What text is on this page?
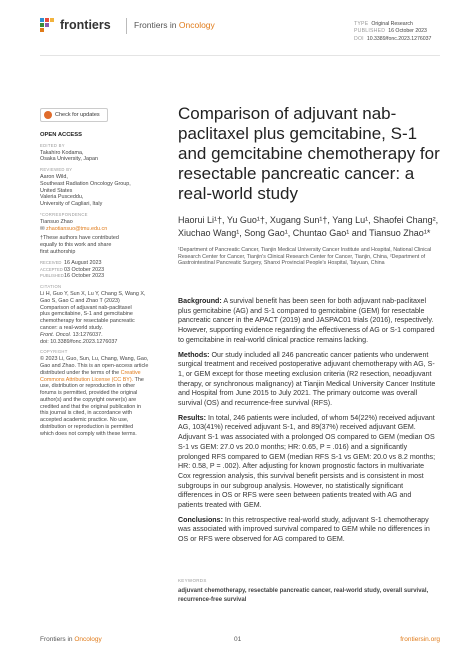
frontiers	Frontiers in Oncology	TYPE Original Research
PUBLISHED 16 October 2023
DOI 10.3389/fonc.2023.1276037
Check for updates
OPEN ACCESS
EDITED BY
Takahiro Kodama,
Osaka University, Japan
REVIEWED BY
Aaron Wild,
Southeast Radiation Oncology Group,
United States
Valeria Pusceddu,
University of Cagliari, Italy
*CORRESPONDENCE
Tiansuo Zhao
✉ zhaotiansuo@tmu.edu.cn
†These authors have contributed
equally to this work and share
first authorship
RECEIVED 16 August 2023
ACCEPTED03 October 2023
PUBLISHED16 October 2023
CITATION
Li H, Guo Y, Sun X, Lu Y, Chang S, Wang X,
Gao S, Gao C and Zhao T (2023)
Comparison of adjuvant nab-paclitaxel
plus gemcitabine, S-1 and gemcitabine
chemotherapy for resectable pancreatic
cancer: a real-world study.
Front. Oncol. 13:1276037.
doi: 10.3389/fonc.2023.1276037
COPYRIGHT
© 2023 Li, Guo, Sun, Lu, Chang, Wang, Gao,
Gao and Zhao. This is an open-access article
distributed under the terms of the Creative
Commons Attribution License (CC BY). The
use, distribution or reproduction in other
forums is permitted, provided the original
author(s) and the copyright owner(s) are
credited and that the original publication in
this journal is cited, in accordance with
accepted academic practice. No use,
distribution or reproduction is permitted
which does not comply with these terms.
Comparison of adjuvant nab-paclitaxel plus gemcitabine, S-1 and gemcitabine chemotherapy for resectable pancreatic cancer: a real-world study
Haorui Li¹†, Yu Guo¹†, Xugang Sun¹†, Yang Lu¹, Shaofei Chang²,
Xiuchao Wang¹, Song Gao¹, Chuntao Gao¹ and Tiansuo Zhao¹*
¹Department of Pancreatic Cancer, Tianjin Medical University Cancer Institute and Hospital, National Clinical Research Center for Cancer, Tianjin's Clinical Research Center for Cancer, Tianjin, China, ²Department of Gastrointestinal Pancreatic Surgery, Shanxi Provincial People's Hospital, Taiyuan, China

Background: A survival benefit has been seen for both adjuvant nab-paclitaxel plus gemcitabine (AG) and S-1 compared to gemcitabine (GEM) for resectable pancreatic cancer in the APACT (2019) and JASPAC01 trials (2016), respectively. However, supporting evidence regarding the effectiveness of AG or S-1 compared to gemcitabine in real-world clinical practice remains lacking.

Methods: Our study included all 246 pancreatic cancer patients who underwent surgical treatment and received postoperative adjuvant chemotherapy with AG, S-1, or GEM except for those meeting exclusion criteria (R2 resection, neoadjuvant therapy, or synchronous malignancy) at Tianjin Medical University Cancer Institute and Hospital from June 2015 to July 2021. The primary outcome was overall survival (OS) and recurrence-free survival (RFS).

Results: In total, 246 patients were included, of whom 54(22%) received adjuvant AG, 103(41%) received adjuvant S-1, and 89(37%) received adjuvant GEM. Adjuvant S-1 was associated with a prolonged OS compared to GEM (median OS S-1 vs GEM: 27.0 vs 20.0 months; HR: 0.65, P = .016) and a significantly prolonged RFS compared to GEM (median RFS S-1 vs GEM: 20.0 vs 8.2 months; HR: 0.58, P = .002). After adjusting for known prognostic factors in multivariate Cox regression analysis, this survival benefit persists and is consistent in most subgroups in our subgroup analysis. However, no statistically significant differences in OS or RFS were seen between patients treated with AG and patients treated with GEM.

Conclusions: In this retrospective real-world study, adjuvant S-1 chemotherapy was associated with improved survival compared to GEM while no differences in OS or RFS were observed for AG compared to GEM.

KEYWORDS
adjuvant chemotherapy, resectable pancreatic cancer, real-world study, overall survival, recurrence-free survival
Frontiers in Oncology	01	frontiersin.org
